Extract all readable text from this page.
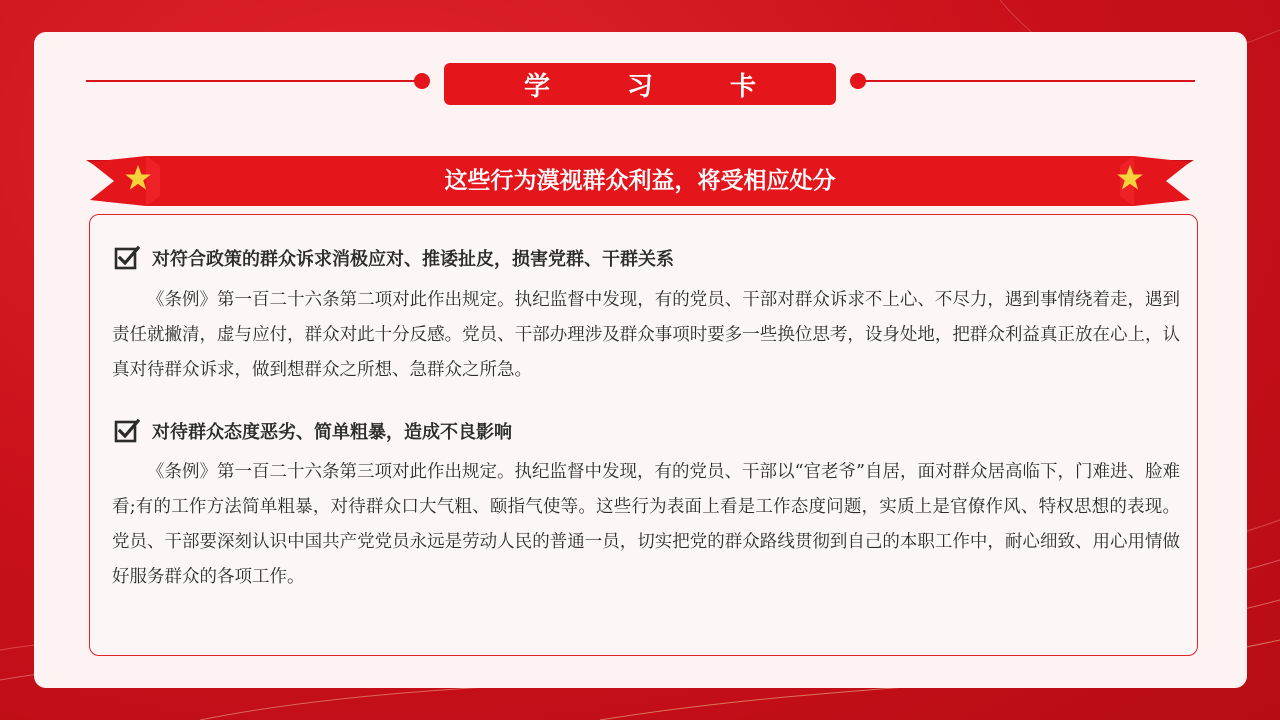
学 习 卡
这些行为漠视群众利益，将受相应处分
对符合政策的群众诉求消极应对、推诿扯皮，损害党群、干群关系
《条例》第一百二十六条第二项对此作出规定。执纪监督中发现，有的党员、干部对群众诉求不上心、不尽力，遇到事情绕着走，遇到责任就撇清，虚与应付，群众对此十分反感。党员、干部办理涉及群众事项时要多一些换位思考，设身处地，把群众利益真正放在心上，认真对待群众诉求，做到想群众之所想、急群众之所急。
对待群众态度恶劣、简单粗暴，造成不良影响
《条例》第一百二十六条第三项对此作出规定。执纪监督中发现，有的党员、干部以“官老爷”自居，面对群众居高临下，门难进、脸难看;有的工作方法简单粗暴，对待群众口大气粗、颐指气使等。这些行为表面上看是工作态度问题，实质上是官僚作风、特权思想的表现。党员、干部要深刻认识中国共产党党员永远是劳动人民的普通一员，切实把党的群众路线贯彻到自己的本职工作中，耐心细致、用心用情做好服务群众的各项工作。
